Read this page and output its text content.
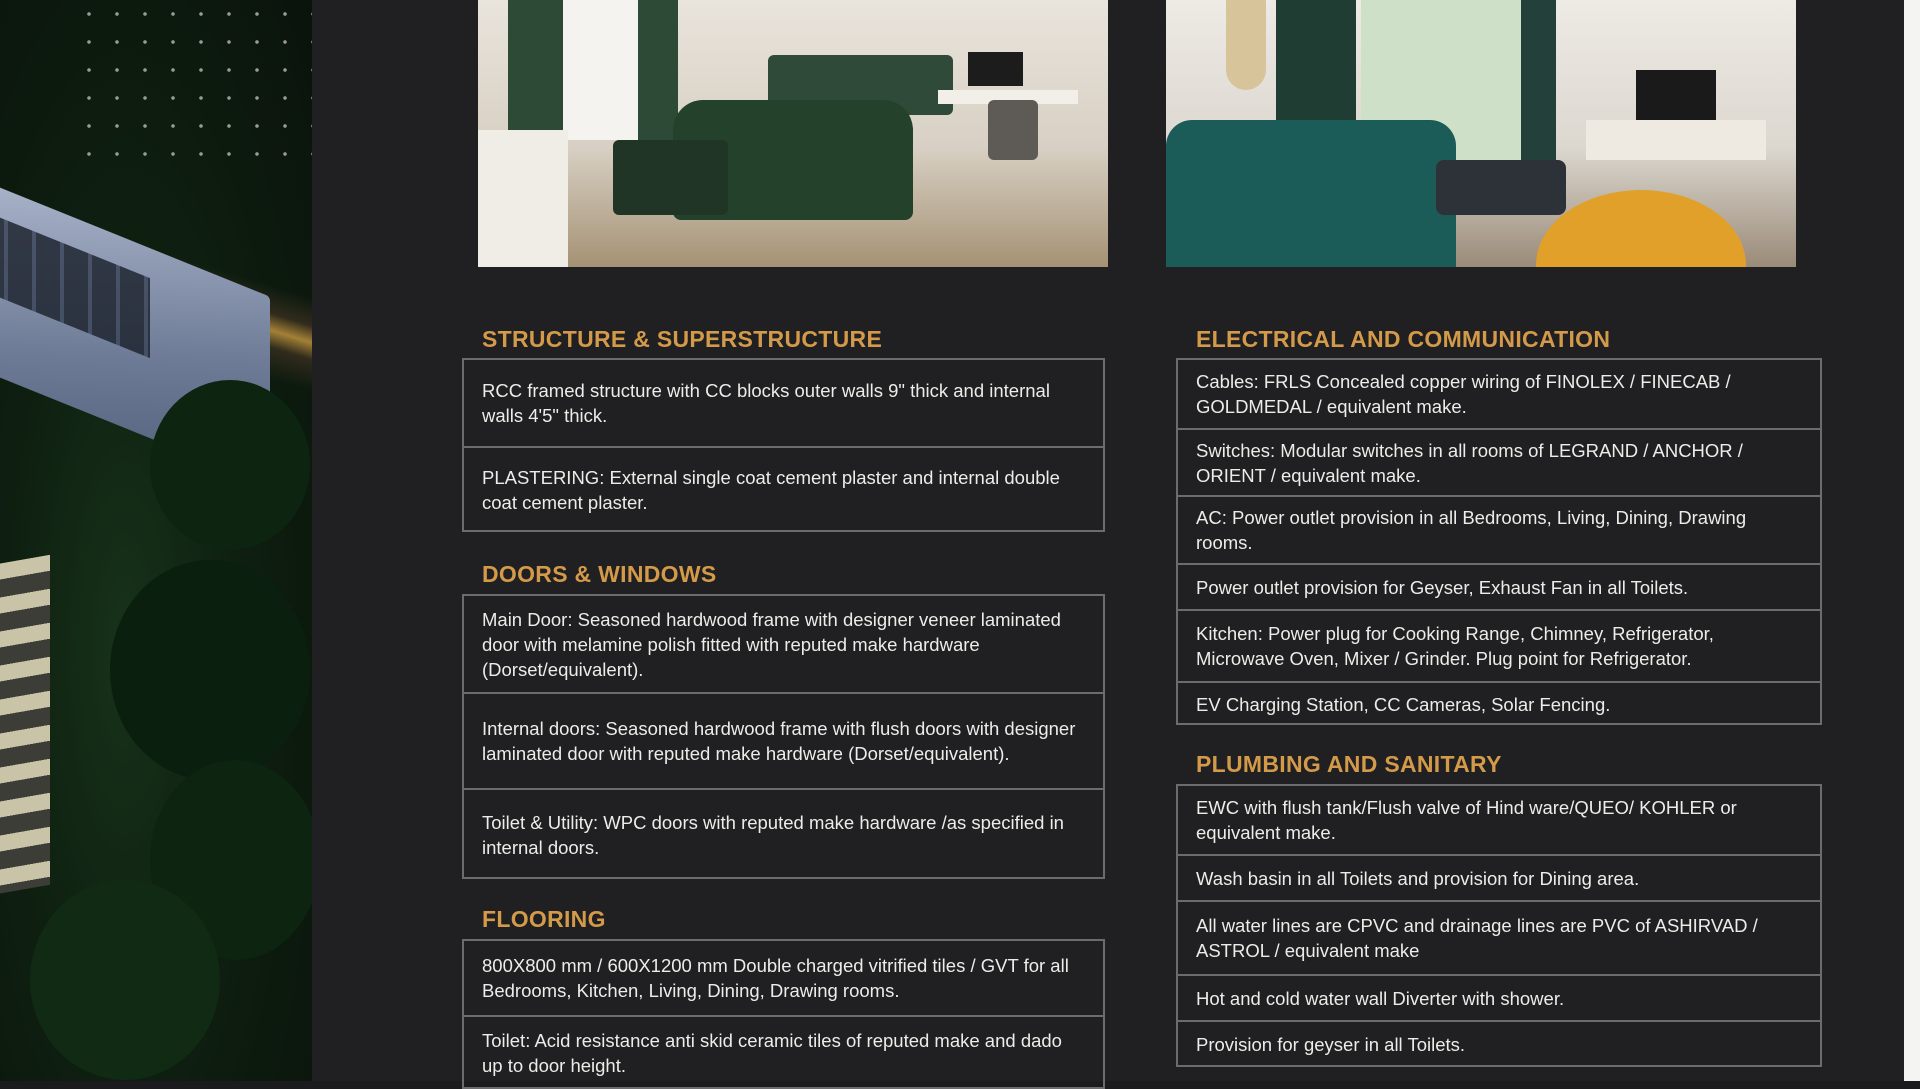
STRUCTURE & SUPERSTRUCTURE
RCC framed structure with CC blocks outer walls 9" thick and internal walls 4'5" thick.
PLASTERING: External single coat cement plaster and internal double coat cement plaster.
DOORS & WINDOWS
Main Door: Seasoned hardwood frame with designer veneer laminated door with melamine polish fitted with reputed make hardware (Dorset/equivalent).
Internal doors: Seasoned hardwood frame with flush doors with designer laminated door with reputed make hardware (Dorset/equivalent).
Toilet & Utility: WPC doors with reputed make hardware /as specified in internal doors.
FLOORING
800X800 mm / 600X1200 mm Double charged vitrified tiles / GVT for all Bedrooms, Kitchen, Living, Dining, Drawing rooms.
Toilet: Acid resistance anti skid ceramic tiles of reputed make and dado up to door height.
ELECTRICAL AND COMMUNICATION
Cables: FRLS Concealed copper wiring of FINOLEX / FINECAB / GOLDMEDAL / equivalent make.
Switches: Modular switches in all rooms of LEGRAND / ANCHOR / ORIENT / equivalent make.
AC: Power outlet provision in all Bedrooms, Living, Dining, Drawing rooms.
Power outlet provision for Geyser, Exhaust Fan in all Toilets.
Kitchen: Power plug for Cooking Range, Chimney, Refrigerator, Microwave Oven, Mixer / Grinder. Plug point for Refrigerator.
EV Charging Station, CC Cameras, Solar Fencing.
PLUMBING AND SANITARY
EWC with flush tank/Flush valve of Hind ware/QUEO/ KOHLER or equivalent make.
Wash basin in all Toilets and provision for Dining area.
All water lines are CPVC and drainage lines are PVC of ASHIRVAD / ASTROL / equivalent make
Hot and cold water wall Diverter with shower.
Provision for geyser in all Toilets.
